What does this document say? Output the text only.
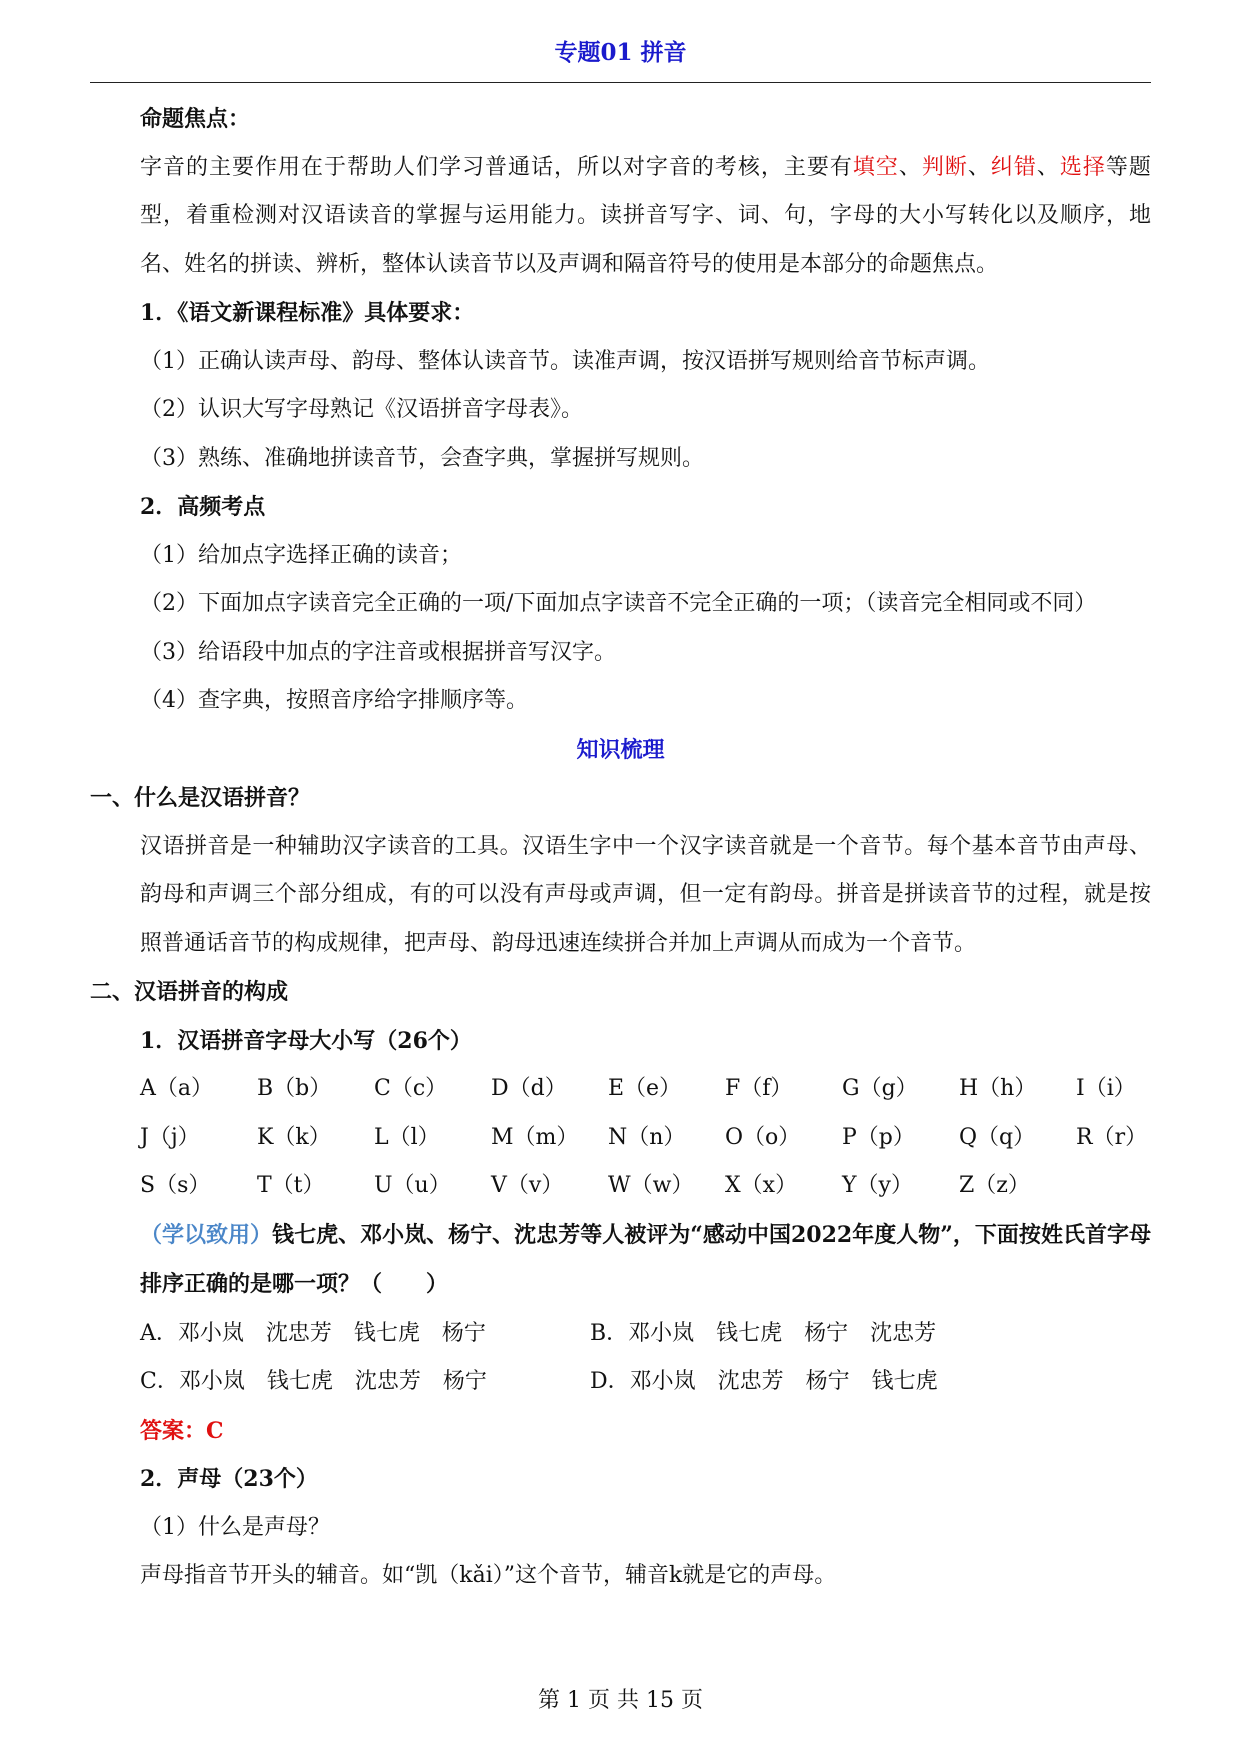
专题01 拼音

命题焦点：

字音的主要作用在于帮助人们学习普通话，所以对字音的考核，主要有填空、判断、纠错、选择等题型，着重检测对汉语读音的掌握与运用能力。读拼音写字、词、句，字母的大小写转化以及顺序，地名、姓名的拼读、辨析，整体认读音节以及声调和隔音符号的使用是本部分的命题焦点。

1．《语文新课程标准》具体要求：

（1）正确认读声母、韵母、整体认读音节。读准声调，按汉语拼写规则给音节标声调。

（2）认识大写字母熟记《汉语拼音字母表》。

（3）熟练、准确地拼读音节，会查字典，掌握拼写规则。

2．高频考点

（1）给加点字选择正确的读音；

（2）下面加点字读音完全正确的一项/下面加点字读音不完全正确的一项；（读音完全相同或不同）

（3）给语段中加点的字注音或根据拼音写汉字。

（4）查字典，按照音序给字排顺序等。

知识梳理

一、什么是汉语拼音？

汉语拼音是一种辅助汉字读音的工具。汉语生字中一个汉字读音就是一个音节。每个基本音节由声母、韵母和声调三个部分组成，有的可以没有声母或声调，但一定有韵母。拼音是拼读音节的过程，就是按照普通话音节的构成规律，把声母、韵母迅速连续拼合并加上声调从而成为一个音节。

二、汉语拼音的构成

1．汉语拼音字母大小写（26个）

A（a）	B（b）	C（c）	D（d）	E（e）	F（f）	G（g）	H（h）	I（i）
J（j）	K（k）	L（l）	M（m）	N（n）	O（o）	P（p）	Q（q）	R（r）
S（s）	T（t）	U（u）	V（v）	W（w）	X（x）	Y（y）	Z（z）

（学以致用）钱七虎、邓小岚、杨宁、沈忠芳等人被评为“感动中国2022年度人物”，下面按姓氏首字母排序正确的是哪一项？（　　）

A．邓小岚　沈忠芳　钱七虎　杨宁	B．邓小岚　钱七虎　杨宁　沈忠芳
C．邓小岚　钱七虎　沈忠芳　杨宁	D．邓小岚　沈忠芳　杨宁　钱七虎

答案：C

2．声母（23个）

（1）什么是声母？

声母指音节开头的辅音。如“凯（kǎi）”这个音节，辅音k就是它的声母。

第 1 页 共 15 页
